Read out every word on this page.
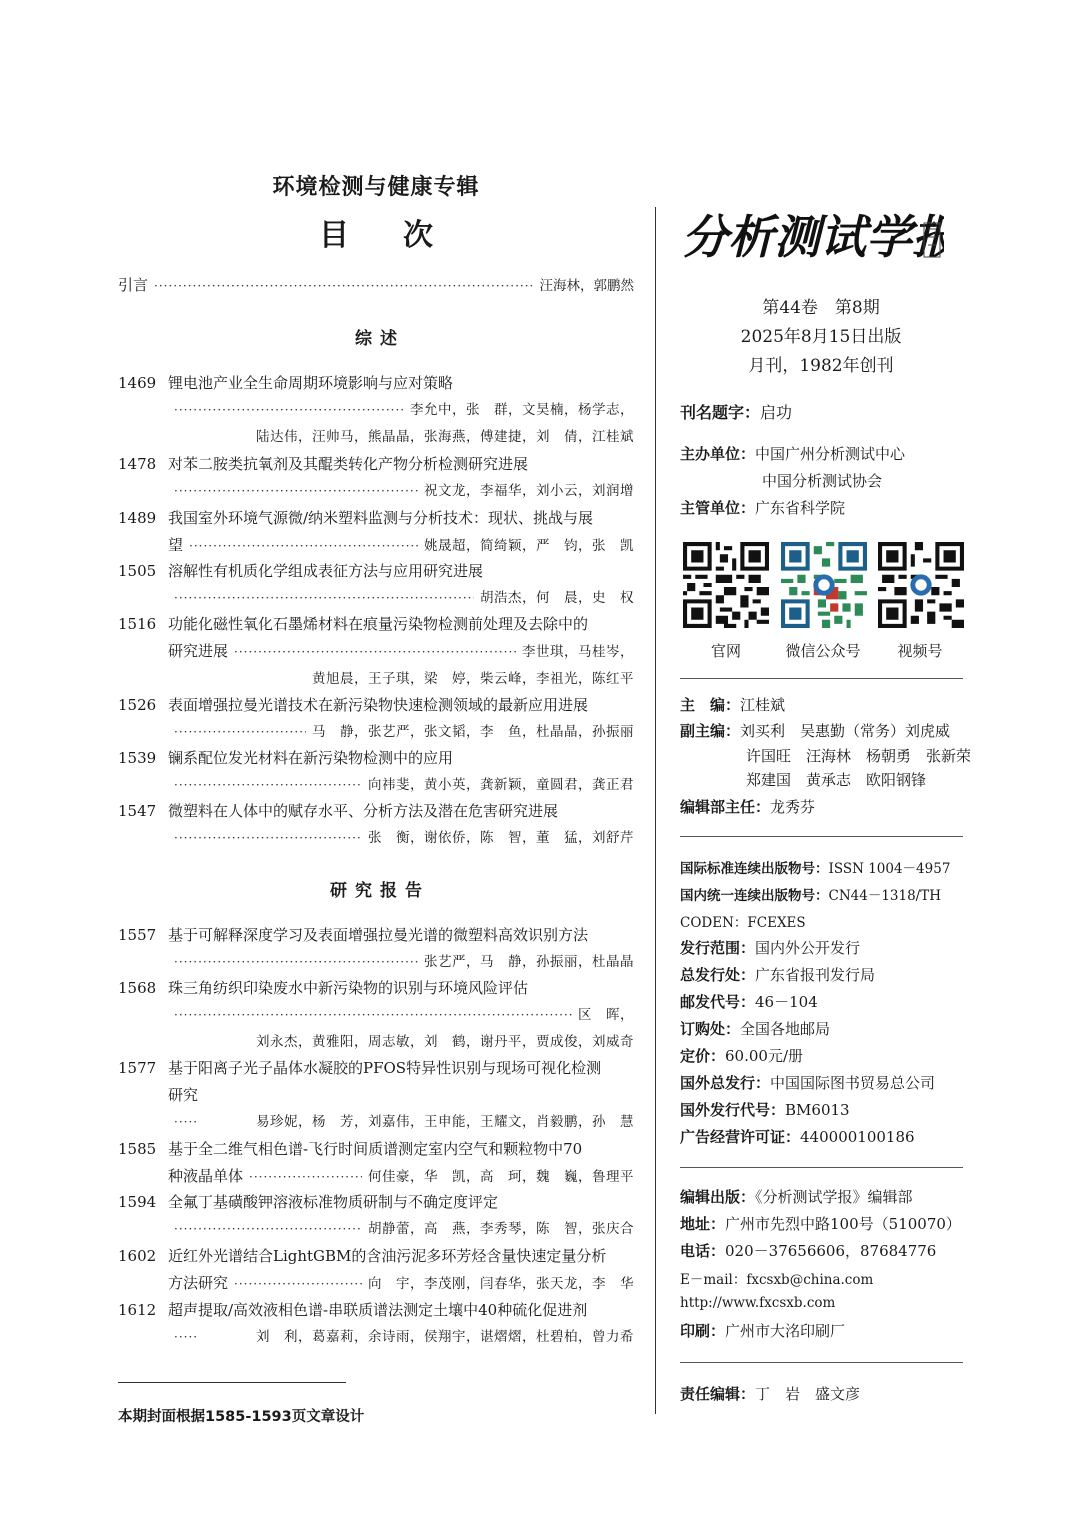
环境检测与健康专辑
目次
引言 ·····	汪海林，郭鹏然
综述
1469 锂电池产业全生命周期环境影响与应对策略
·····
李允中，张　群，文昊楠，杨学志，
陆达伟，汪帅马，熊晶晶，张海燕，傅建捷，刘　倩，江桂斌
1478 对苯二胺类抗氧剂及其醌类转化产物分析检测研究进展
·····
祝文龙，李福华，刘小云，刘润增
1489 我国室外环境气源微/纳米塑料监测与分析技术：现状、挑战与展
望 ·····	姚晟超，简绮颖，严　钧，张　凯
1505 溶解性有机质化学组成表征方法与应用研究进展
·····
胡浩杰，何　晨，史　权
1516 功能化磁性氧化石墨烯材料在痕量污染物检测前处理及去除中的
研究进展 ·····	李世琪，马桂岑，
黄旭晨，王子琪，梁　婷，柴云峰，李祖光，陈红平
1526 表面增强拉曼光谱技术在新污染物快速检测领域的最新应用进展
·····
马　静，张艺严，张文韬，李　鱼，杜晶晶，孙振丽
1539 镧系配位发光材料在新污染物检测中的应用
·····
向祎斐，黄小英，龚新颖，童圆君，龚正君
1547 微塑料在人体中的赋存水平、分析方法及潜在危害研究进展
·····
张　衡，谢依侨，陈　智，董　猛，刘舒芹
研究报告
1557 基于可解释深度学习及表面增强拉曼光谱的微塑料高效识别方法
·····
张艺严，马　静，孙振丽，杜晶晶
1568 珠三角纺织印染废水中新污染物的识别与环境风险评估
·····
区　晖，
刘永杰，黄雅阳，周志敏，刘　鹤，谢丹平，贾成俊，刘威奇
1577 基于阳离子光子晶体水凝胶的PFOS特异性识别与现场可视化检测
研究
·····
易珍妮，杨　芳，刘嘉伟，王申能，王耀文，肖毅鹏，孙　慧
1585 基于全二维气相色谱-飞行时间质谱测定室内空气和颗粒物中70
种液晶单体 ·····	何佳豪，华　凯，高　珂，魏　巍，鲁理平
1594 全氟丁基磺酸钾溶液标准物质研制与不确定度评定
·····
胡静蕾，高　燕，李秀琴，陈　智，张庆合
1602 近红外光谱结合LightGBM的含油污泥多环芳烃含量快速定量分析
方法研究 ·····	向　宇，李茂刚，闫春华，张天龙，李　华
1612 超声提取/高效液相色谱-串联质谱法测定土壤中40种硫化促进剂
·····
刘　利，葛嘉莉，余诗雨，侯翔宇，谌熠熠，杜碧柏，曾力希
本期封面根据1585-1593页文章设计
分析测试学报
第44卷　第8期
2025年8月15日出版
月刊，1982年创刊
刊名题字：启功
主办单位：中国广州分析测试中心
中国分析测试协会
主管单位：广东省科学院
官网	微信公众号	视频号
主　编：江桂斌
副主编：刘买利　吴惠勤（常务）刘虎威
许国旺　汪海林　杨朝勇　张新荣
郑建国　黄承志　欧阳钢锋
编辑部主任：龙秀芬
国际标准连续出版物号：ISSN 1004－4957
国内统一连续出版物号：CN44－1318/TH
CODEN：FCEXES
发行范围：国内外公开发行
总发行处：广东省报刊发行局
邮发代号：46－104
订购处：全国各地邮局
定价：60.00元/册
国外总发行：中国国际图书贸易总公司
国外发行代号：BM6013
广告经营许可证：440000100186
编辑出版：《分析测试学报》编辑部
地址：广州市先烈中路100号（510070）
电话：020－37656606，87684776
E－mail：fxcsxb@china.com
http://www.fxcsxb.com
印刷：广州市大洺印刷厂
责任编辑：丁　岩　盛文彦
